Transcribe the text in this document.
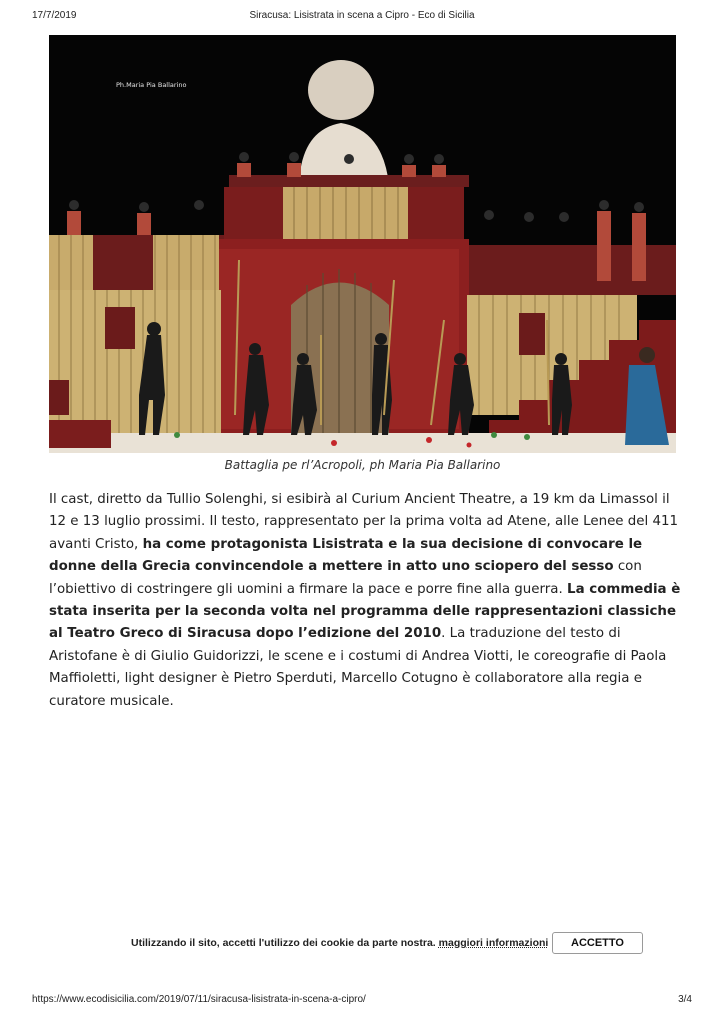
17/7/2019	Siracusa: Lisistrata in scena a Cipro - Eco di Sicilia
Ph.Maria Pia Ballarino
Battaglia pe rl’Acropoli, ph Maria Pia Ballarino

Il cast, diretto da Tullio Solenghi, si esibirà al Curium Ancient Theatre, a 19 km da Limassol il 12 e 13 luglio prossimi. Il testo, rappresentato per la prima volta ad Atene, alle Lenee del 411 avanti Cristo, ha come protagonista Lisistrata e la sua decisione di convocare le donne della Grecia convincendole a mettere in atto uno sciopero del sesso con l’obiettivo di costringere gli uomini a firmare la pace e porre fine alla guerra. La commedia è stata inserita per la seconda volta nel programma delle rappresentazioni classiche al Teatro Greco di Siracusa dopo l’edizione del 2010. La traduzione del testo di Aristofane è di Giulio Guidorizzi, le scene e i costumi di Andrea Viotti, le coreografie di Paola Maffioletti, light designer è Pietro Sperduti, Marcello Cotugno è collaboratore alla regia e curatore musicale.

Utilizzando il sito, accetti l'utilizzo dei cookie da parte nostra. maggiori informazioni	ACCETTO
https://www.ecodisicilia.com/2019/07/11/siracusa-lisistrata-in-scena-a-cipro/	3/4
